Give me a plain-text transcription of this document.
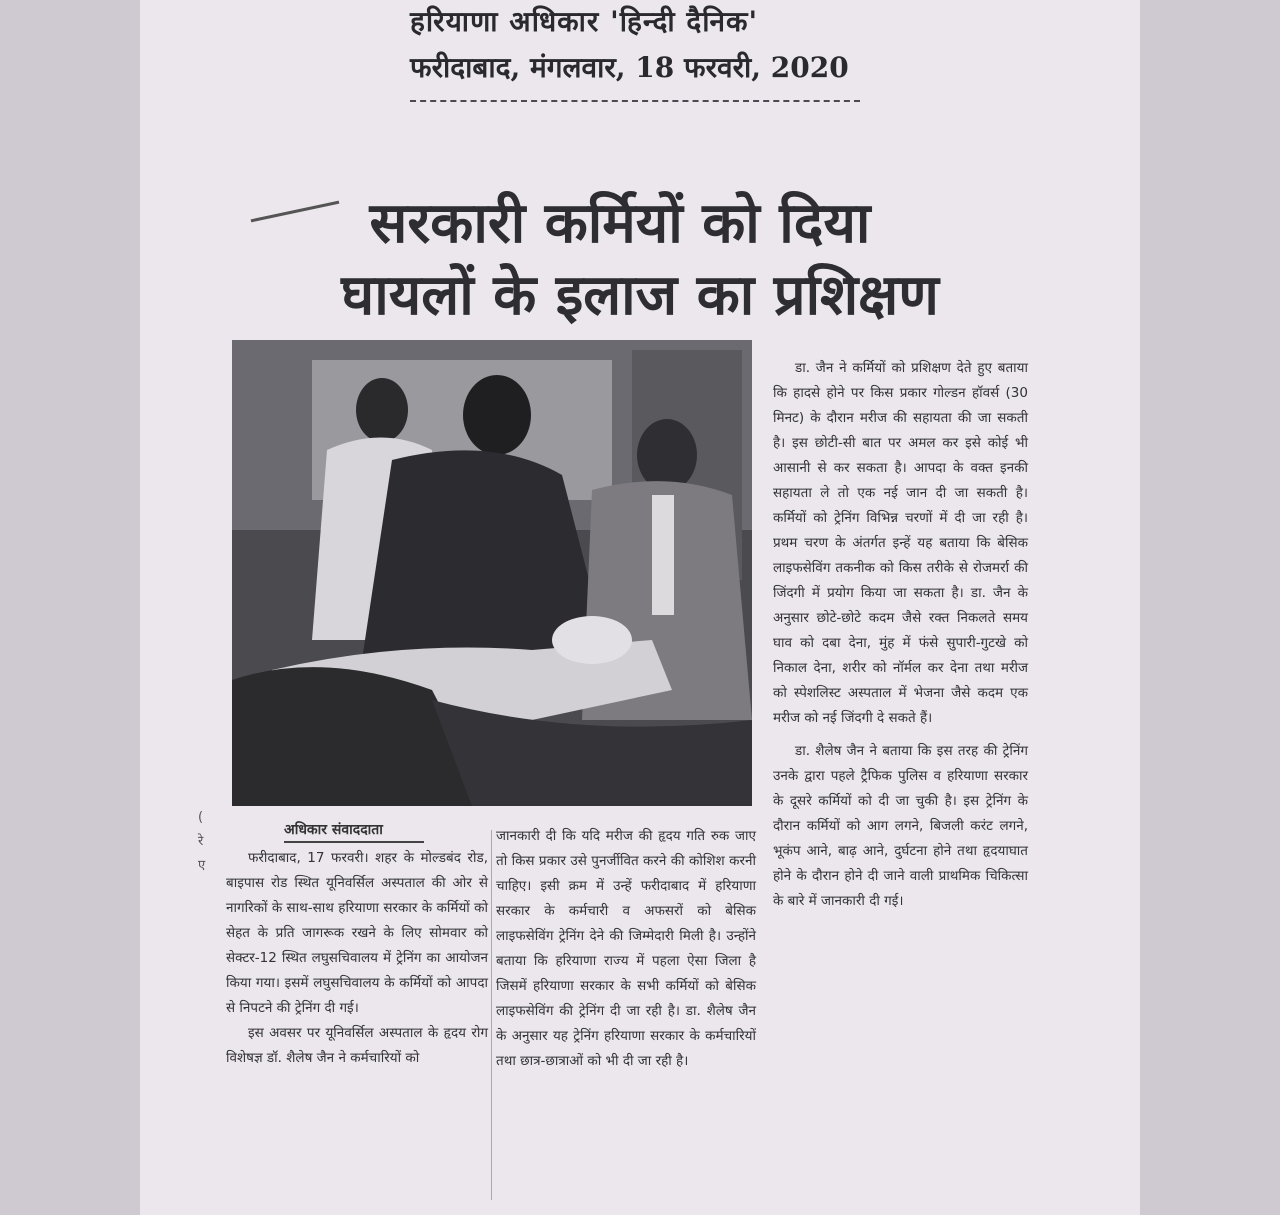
हरियाणा अधिकार 'हिन्दी दैनिक'
फरीदाबाद, मंगलवार, 18 फरवरी, 2020
सरकारी कर्मियों को दिया
घायलों के इलाज का प्रशिक्षण

डा. जैन ने कर्मियों को प्रशिक्षण देते हुए बताया कि हादसे होने पर किस प्रकार गोल्डन हॉवर्स (30 मिनट) के दौरान मरीज की सहायता की जा सकती है। इस छोटी-सी बात पर अमल कर इसे कोई भी आसानी से कर सकता है। आपदा के वक्त इनकी सहायता ले तो एक नई जान दी जा सकती है। कर्मियों को ट्रेनिंग विभिन्न चरणों में दी जा रही है। प्रथम चरण के अंतर्गत इन्हें यह बताया कि बेसिक लाइफसेविंग तकनीक को किस तरीके से रोजमर्रा की जिंदगी में प्रयोग किया जा सकता है। डा. जैन के अनुसार छोटे-छोटे कदम जैसे रक्त निकलते समय घाव को दबा देना, मुंह में फंसे सुपारी-गुटखे को निकाल देना, शरीर को नॉर्मल कर देना तथा मरीज को स्पेशलिस्ट अस्पताल में भेजना जैसे कदम एक मरीज को नई जिंदगी दे सकते हैं।

डा. शैलेष जैन ने बताया कि इस तरह की ट्रेनिंग उनके द्वारा पहले ट्रैफिक पुलिस व हरियाणा सरकार के दूसरे कर्मियों को दी जा चुकी है। इस ट्रेनिंग के दौरान कर्मियों को आग लगने, बिजली करंट लगने, भूकंप आने, बाढ़ आने, दुर्घटना होने तथा हृदयाघात होने के दौरान होने दी जाने वाली प्राथमिक चिकित्सा के बारे में जानकारी दी गई।

(
रे
ए
अधिकार संवाददाता

फरीदाबाद, 17 फरवरी। शहर के मोल्डबंद रोड, बाइपास रोड स्थित यूनिवर्सिल अस्पताल की ओर से नागरिकों के साथ-साथ हरियाणा सरकार के कर्मियों को सेहत के प्रति जागरूक रखने के लिए सोमवार को सेक्टर-12 स्थित लघुसचिवालय में ट्रेनिंग का आयोजन किया गया। इसमें लघुसचिवालय के कर्मियों को आपदा से निपटने की ट्रेनिंग दी गई।

इस अवसर पर यूनिवर्सिल अस्पताल के हृदय रोग विशेषज्ञ डॉ. शैलेष जैन ने कर्मचारियों को

जानकारी दी कि यदि मरीज की हृदय गति रुक जाए तो किस प्रकार उसे पुनर्जीवित करने की कोशिश करनी चाहिए। इसी क्रम में उन्हें फरीदाबाद में हरियाणा सरकार के कर्मचारी व अफसरों को बेसिक लाइफसेविंग ट्रेनिंग देने की जिम्मेदारी मिली है। उन्होंने बताया कि हरियाणा राज्य में पहला ऐसा जिला है जिसमें हरियाणा सरकार के सभी कर्मियों को बेसिक लाइफसेविंग की ट्रेनिंग दी जा रही है। डा. शैलेष जैन के अनुसार यह ट्रेनिंग हरियाणा सरकार के कर्मचारियों तथा छात्र-छात्राओं को भी दी जा रही है।
